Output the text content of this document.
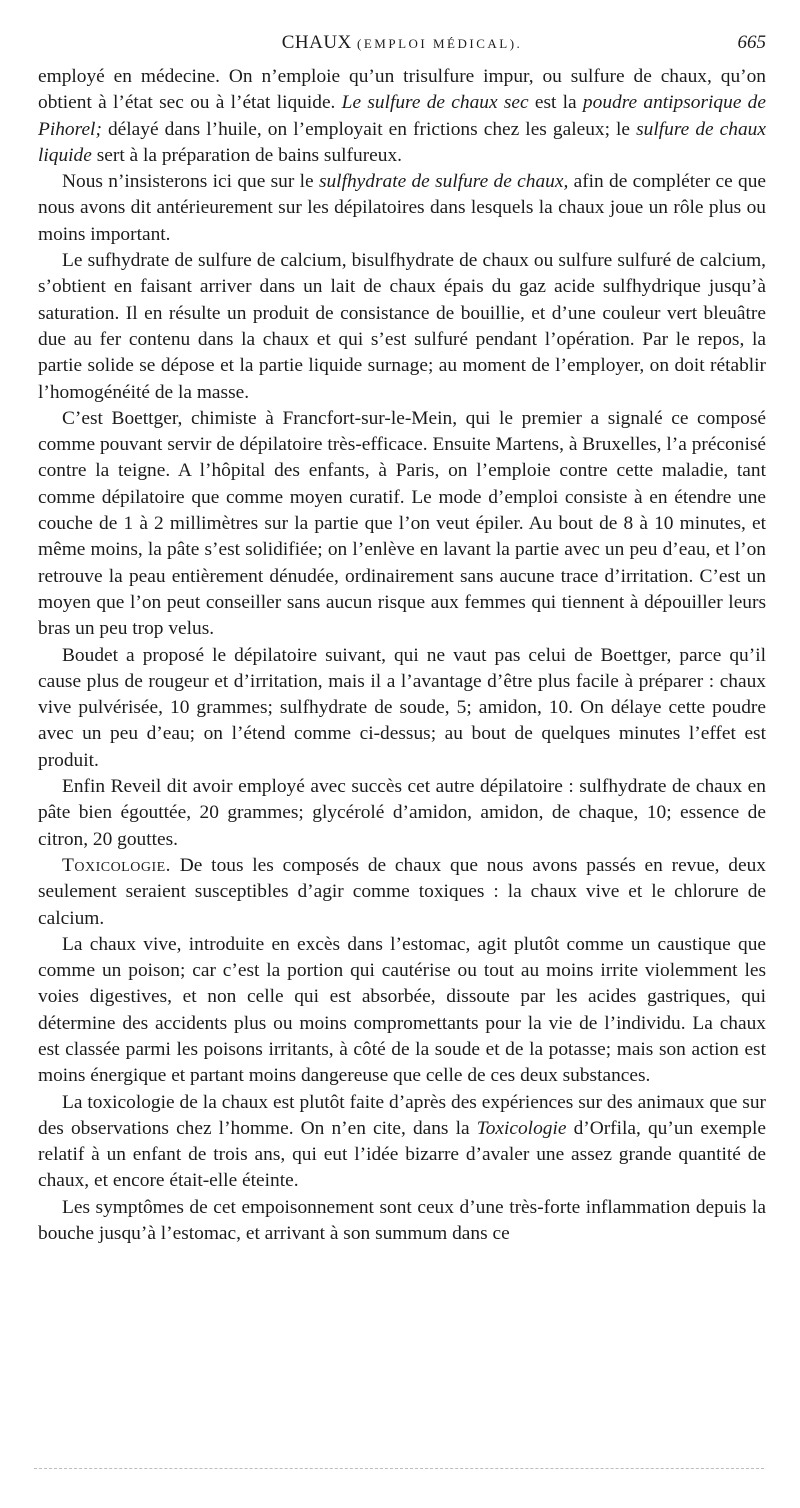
CHAUX (EMPLOI MÉDICAL).	665

employé en médecine. On n’emploie qu’un trisulfure impur, ou sulfure de chaux, qu’on obtient à l’état sec ou à l’état liquide. Le sulfure de chaux sec est la poudre antipsorique de Pihorel; délayé dans l’huile, on l’employait en frictions chez les galeux; le sulfure de chaux liquide sert à la préparation de bains sulfureux.

Nous n’insisterons ici que sur le sulfhydrate de sulfure de chaux, afin de compléter ce que nous avons dit antérieurement sur les dépilatoires dans lesquels la chaux joue un rôle plus ou moins important.

Le sufhydrate de sulfure de calcium, bisulfhydrate de chaux ou sulfure sulfuré de calcium, s’obtient en faisant arriver dans un lait de chaux épais du gaz acide sulfhydrique jusqu’à saturation. Il en résulte un produit de consistance de bouillie, et d’une couleur vert bleuâtre due au fer contenu dans la chaux et qui s’est sulfuré pendant l’opération. Par le repos, la partie solide se dépose et la partie liquide surnage; au moment de l’employer, on doit rétablir l’homogénéité de la masse.

C’est Boettger, chimiste à Francfort-sur-le-Mein, qui le premier a signalé ce composé comme pouvant servir de dépilatoire très-efficace. Ensuite Martens, à Bruxelles, l’a préconisé contre la teigne. A l’hôpital des enfants, à Paris, on l’emploie contre cette maladie, tant comme dépilatoire que comme moyen curatif. Le mode d’emploi consiste à en étendre une couche de 1 à 2 millimètres sur la partie que l’on veut épiler. Au bout de 8 à 10 minutes, et même moins, la pâte s’est solidifiée; on l’enlève en lavant la partie avec un peu d’eau, et l’on retrouve la peau entièrement dénudée, ordinairement sans aucune trace d’irritation. C’est un moyen que l’on peut conseiller sans aucun risque aux femmes qui tiennent à dépouiller leurs bras un peu trop velus.

Boudet a proposé le dépilatoire suivant, qui ne vaut pas celui de Boettger, parce qu’il cause plus de rougeur et d’irritation, mais il a l’avantage d’être plus facile à préparer : chaux vive pulvérisée, 10 grammes; sulfhydrate de soude, 5; amidon, 10. On délaye cette poudre avec un peu d’eau; on l’étend comme ci-dessus; au bout de quelques minutes l’effet est produit.

Enfin Reveil dit avoir employé avec succès cet autre dépilatoire : sulfhydrate de chaux en pâte bien égouttée, 20 grammes; glycérolé d’amidon, amidon, de chaque, 10; essence de citron, 20 gouttes.

Toxicologie. De tous les composés de chaux que nous avons passés en revue, deux seulement seraient susceptibles d’agir comme toxiques : la chaux vive et le chlorure de calcium.

La chaux vive, introduite en excès dans l’estomac, agit plutôt comme un caustique que comme un poison; car c’est la portion qui cautérise ou tout au moins irrite violemment les voies digestives, et non celle qui est absorbée, dissoute par les acides gastriques, qui détermine des accidents plus ou moins compromettants pour la vie de l’individu. La chaux est classée parmi les poisons irritants, à côté de la soude et de la potasse; mais son action est moins énergique et partant moins dangereuse que celle de ces deux substances.

La toxicologie de la chaux est plutôt faite d’après des expériences sur des animaux que sur des observations chez l’homme. On n’en cite, dans la Toxicologie d’Orfila, qu’un exemple relatif à un enfant de trois ans, qui eut l’idée bizarre d’avaler une assez grande quantité de chaux, et encore était-elle éteinte.

Les symptômes de cet empoisonnement sont ceux d’une très-forte inflammation depuis la bouche jusqu’à l’estomac, et arrivant à son summum dans ce
